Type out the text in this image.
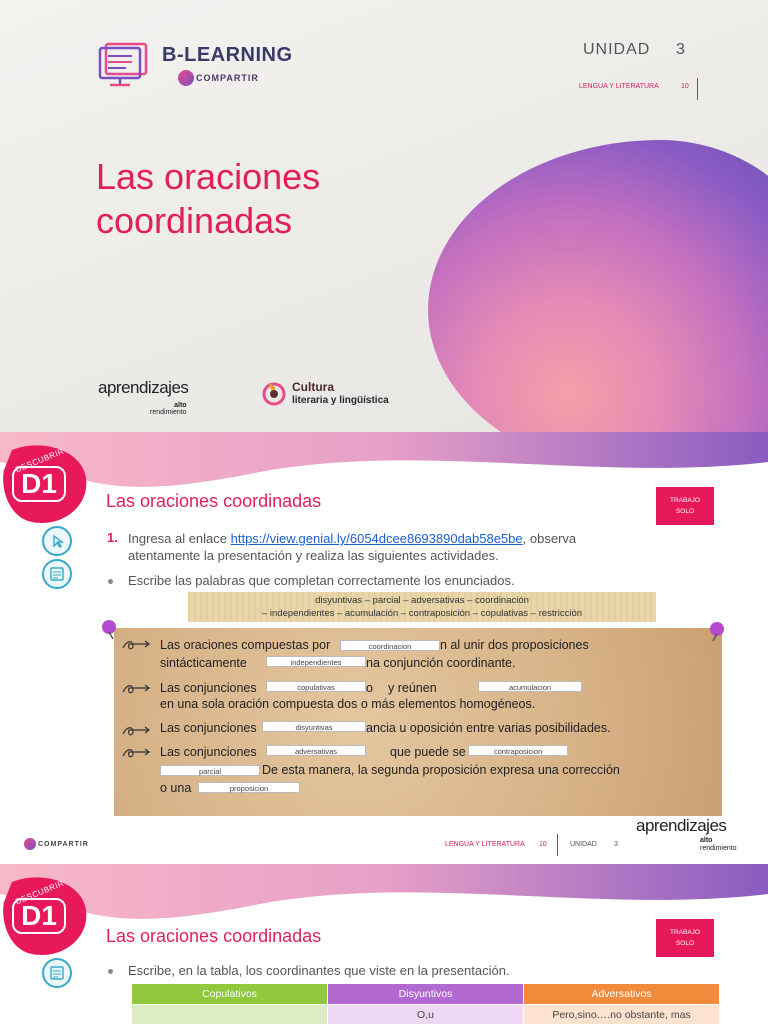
B-LEARNING
COMPARTIR
UNIDAD 3
LENGUA Y LITERATURA	10
Las oraciones
coordinadas
aprendizajes
alto
rendimiento
Cultura
literaria y lingüística
DESCUBRIR
D1
Las oraciones coordinadas	TRABAJO
SOLO
1. Ingresa al enlace https://view.genial.ly/6054dcee8693890dab58e5be, observa
atentamente la presentación y realiza las siguientes actividades.
Escribe las palabras que completan correctamente los enunciados.
disyuntivas – parcial – adversativas – coordinación
– independientes – acumulación – contraposición – copulativas – restricción
Las oraciones compuestas por	coordinacion	n al unir dos proposiciones
sintácticamente	independientes	na conjunción coordinante.
Las conjunciones	copulativas	o y reúnen	acumulacion
en una sola oración compuesta dos o más elementos homogéneos.
Las conjunciones	disyuntivas	ancia u oposición entre varias posibilidades.
Las conjunciones	adversativas	que puede se	contraposicion
parcial	De esta manera, la segunda proposición expresa una corrección
o una	proposicion
COMPARTIR	LENGUA Y LITERATURA 10	UNIDAD 3
aprendizajes
alto
rendimiento
DESCUBRIR
D1
Las oraciones coordinadas	TRABAJO
SOLO
Escribe, en la tabla, los coordinantes que viste en la presentación.
Copulativos	Disyuntivos	Adversativos
	O,u	Pero,sino….no obstante, mas
